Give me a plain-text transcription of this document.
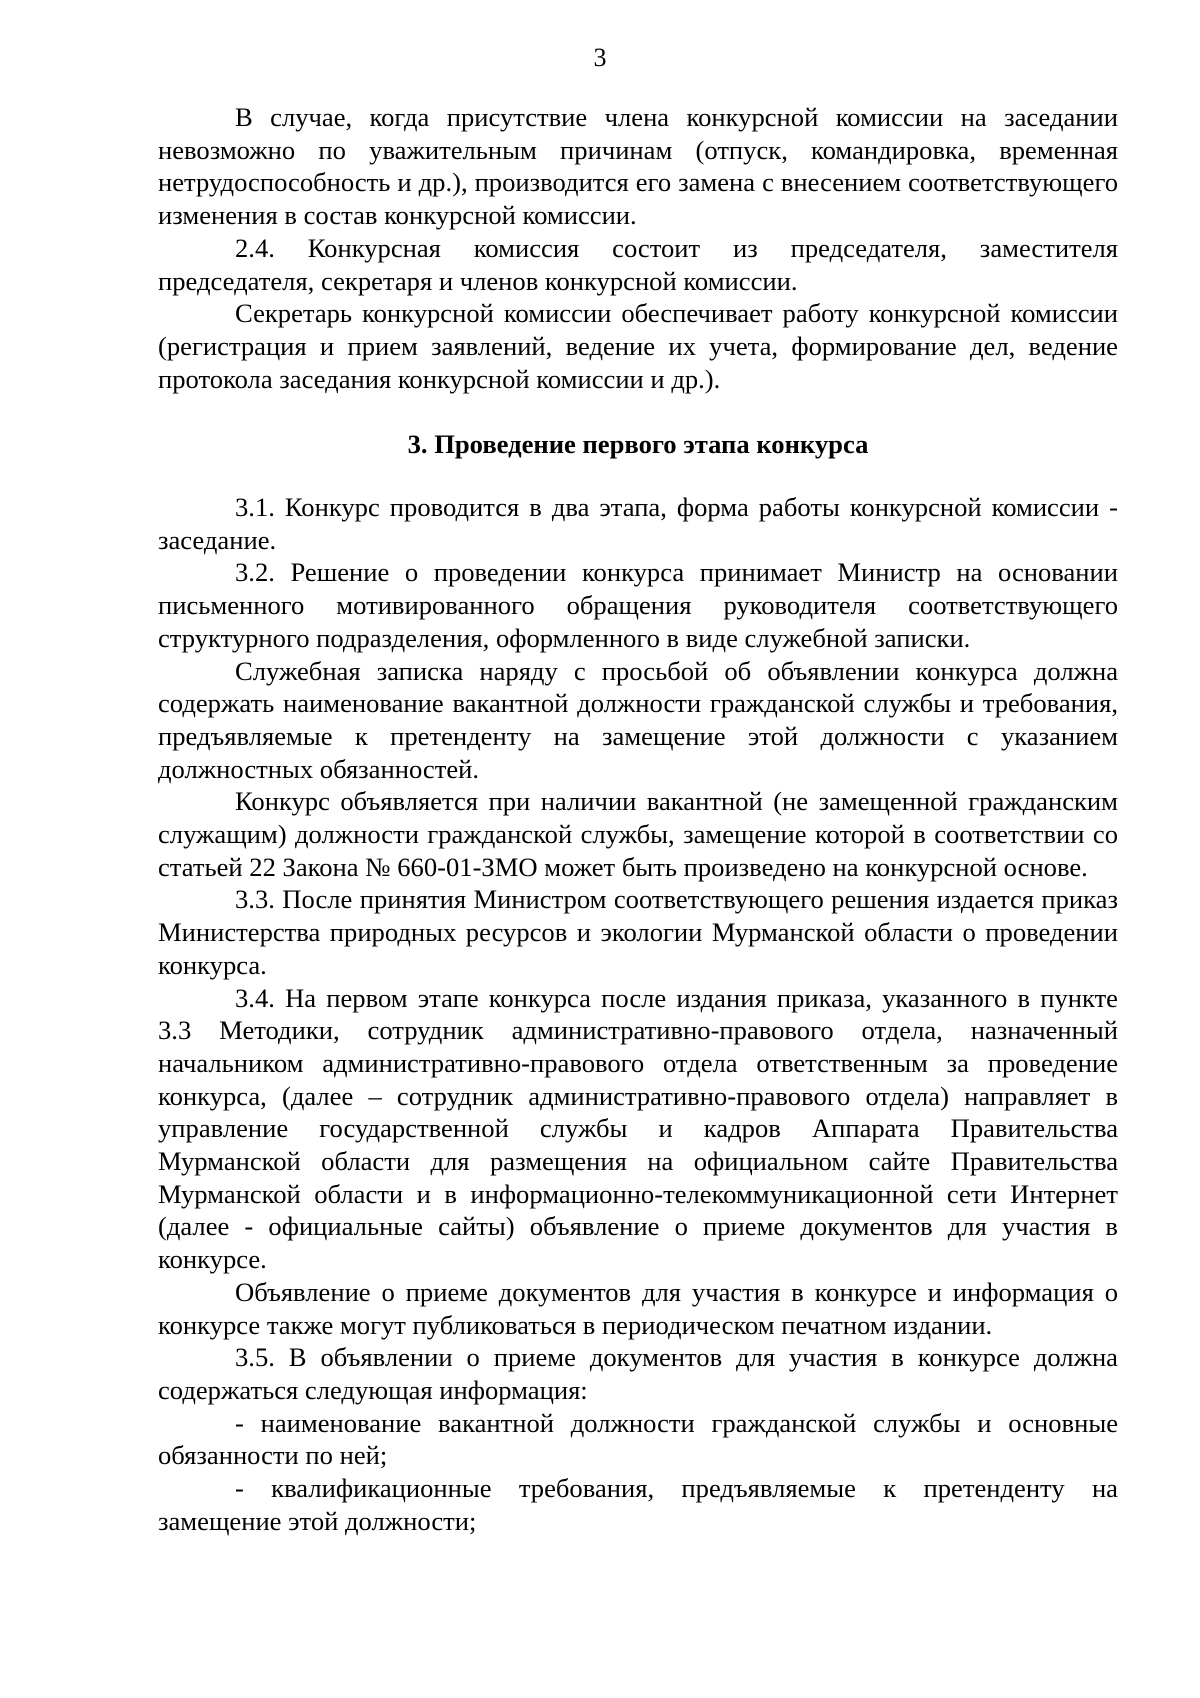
3

В случае, когда присутствие члена конкурсной комиссии на заседании невозможно по уважительным причинам (отпуск, командировка, временная нетрудоспособность и др.), производится его замена с внесением соответствующего изменения в состав конкурсной комиссии.

2.4. Конкурсная комиссия состоит из председателя, заместителя председателя, секретаря и членов конкурсной комиссии.

Секретарь конкурсной комиссии обеспечивает работу конкурсной комиссии (регистрация и прием заявлений, ведение их учета, формирование дел, ведение протокола заседания конкурсной комиссии и др.).

3. Проведение первого этапа конкурса

3.1. Конкурс проводится в два этапа, форма работы конкурсной комиссии - заседание.

3.2. Решение о проведении конкурса принимает Министр на основании письменного мотивированного обращения руководителя соответствующего структурного подразделения, оформленного в виде служебной записки.

Служебная записка наряду с просьбой об объявлении конкурса должна содержать наименование вакантной должности гражданской службы и требования, предъявляемые к претенденту на замещение этой должности с указанием должностных обязанностей.

Конкурс объявляется при наличии вакантной (не замещенной гражданским служащим) должности гражданской службы, замещение которой в соответствии со статьей 22 Закона № 660-01-ЗМО может быть произведено на конкурсной основе.

3.3. После принятия Министром соответствующего решения издается приказ Министерства природных ресурсов и экологии Мурманской области о проведении конкурса.

3.4. На первом этапе конкурса после издания приказа, указанного в пункте 3.3 Методики, сотрудник административно-правового отдела, назначенный начальником административно-правового отдела ответственным за проведение конкурса, (далее – сотрудник административно-правового отдела) направляет в управление государственной службы и кадров Аппарата Правительства Мурманской области для размещения на официальном сайте Правительства Мурманской области и в информационно-телекоммуникационной сети Интернет (далее - официальные сайты) объявление о приеме документов для участия в конкурсе.

Объявление о приеме документов для участия в конкурсе и информация о конкурсе также могут публиковаться в периодическом печатном издании.

3.5. В объявлении о приеме документов для участия в конкурсе должна содержаться следующая информация:

- наименование вакантной должности гражданской службы и основные обязанности по ней;

- квалификационные требования, предъявляемые к претенденту на замещение этой должности;
